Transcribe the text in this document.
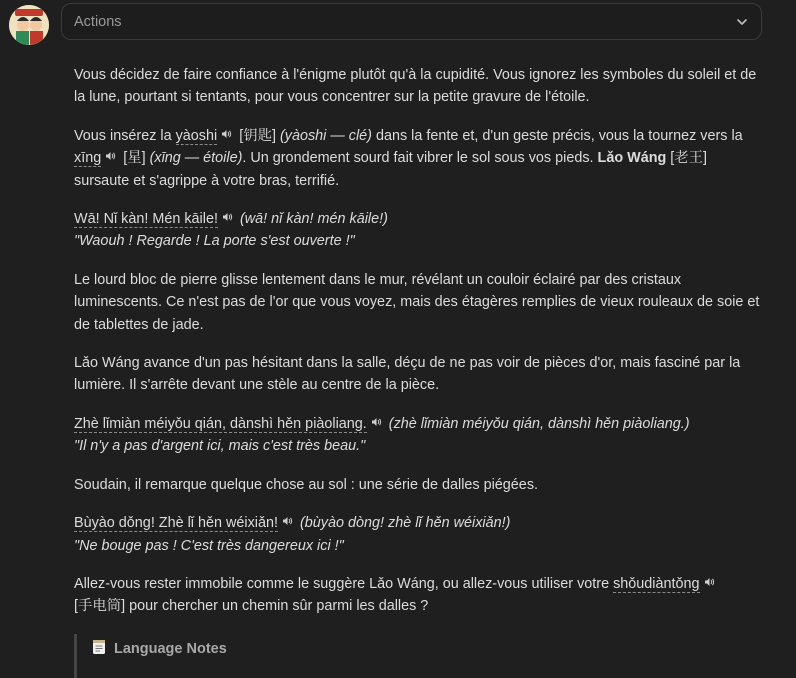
Actions

Vous décidez de faire confiance à l'énigme plutôt qu'à la cupidité. Vous ignorez les symboles du soleil et de la lune, pourtant si tentants, pour vous concentrer sur la petite gravure de l'étoile.

Vous insérez la yàoshi [钥匙] (yàoshi — clé) dans la fente et, d'un geste précis, vous la tournez vers la xīng [星] (xīng — étoile). Un grondement sourd fait vibrer le sol sous vos pieds. Lǎo Wáng [老王] sursaute et s'agrippe à votre bras, terrifié.

Wā! Nǐ kàn! Mén kāile! (wā! nǐ kàn! mén kāile!)
"Waouh ! Regarde ! La porte s'est ouverte !"

Le lourd bloc de pierre glisse lentement dans le mur, révélant un couloir éclairé par des cristaux luminescents. Ce n'est pas de l'or que vous voyez, mais des étagères remplies de vieux rouleaux de soie et de tablettes de jade.

Lǎo Wáng avance d'un pas hésitant dans la salle, déçu de ne pas voir de pièces d'or, mais fasciné par la lumière. Il s'arrête devant une stèle au centre de la pièce.

Zhè lǐmiàn méiyǒu qián, dànshì hěn piàoliang. (zhè lǐmiàn méiyǒu qián, dànshì hěn piàoliang.)
"Il n'y a pas d'argent ici, mais c'est très beau."

Soudain, il remarque quelque chose au sol : une série de dalles piégées.

Bùyào dǒng! Zhè lǐ hěn wéixiǎn! (bùyào dòng! zhè lǐ hěn wéixiǎn!)
"Ne bouge pas ! C'est très dangereux ici !"

Allez-vous rester immobile comme le suggère Lǎo Wáng, ou allez-vous utiliser votre shǒudiàntǒng
[手电筒] pour chercher un chemin sûr parmi les dalles ?

Language Notes
